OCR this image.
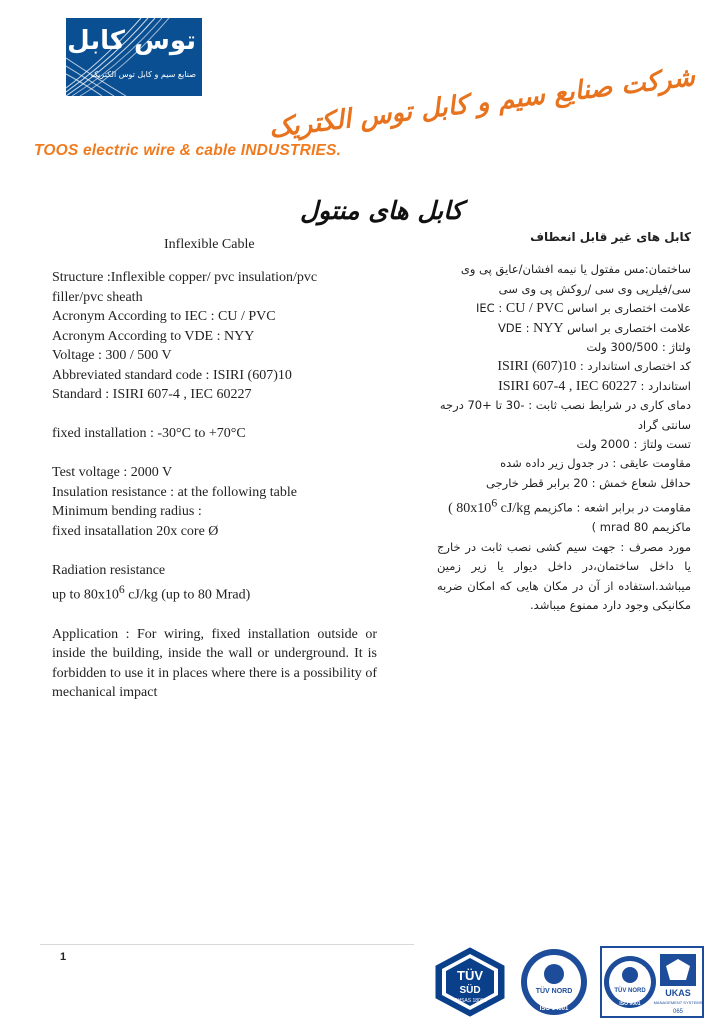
توس کابل
صنایع سیم و کابل توس الکتریک	شرکت صنایع سیم و کابل توس الکتریک
TOOS electric wire & cable INDUSTRIES.
کابل های منتول
Inflexible Cable

Structure :Inflexible copper/ pvc insulation/pvc

filler/pvc sheath

Acronym According to IEC : CU / PVC

Acronym According to VDE : NYY

Voltage : 300 / 500 V

Abbreviated standard code : ISIRI (607)10

Standard : ISIRI 607-4 , IEC 60227

fixed installation : -30°C to +70°C

Test voltage : 2000 V

Insulation resistance : at the following table

Minimum bending radius :

fixed insatallation 20x core Ø

Radiation resistance

up to $80x10^6$ cJ/kg (up to 80 Mrad)

Application : For wiring, fixed installation outside or inside the building, inside the wall or underground. It is forbidden to use it in places where there is a possibility of mechanical impact

کابل های غیر قابل انعطاف

ساختمان:مس مفتول یا نیمه افشان/عایق پی وی سی/فیلرپی وی سی /روکش پی وی سی

علامت اختصاری بر اساس IEC : CU / PVC

علامت اختصاری بر اساس VDE : NYY

ولتاژ : 300/500 ولت

کد اختصاری استاندارد : ISIRI (607)10

استاندارد : ISIRI 607-4 , IEC 60227

دمای کاری در شرایط نصب ثابت : -30 تا +70 درجه سانتی گراد

تست ولتاژ : 2000 ولت

مقاومت عایقی : در جدول زیر داده شده

حداقل شعاع خمش : 20 برابر قطر خارجی

مقاومت در برابر اشعه : ماکزیمم ( $80x10^6$ cJ/kg

ماکزیمم 80 mrad )

مورد مصرف : جهت سیم کشی نصب ثابت در خارج یا داخل ساختمان،در داخل دیوار یا زیر زمین میباشد.استفاده از آن در مکان هایی که امکان ضربه مکانیکی وجود دارد ممنوع میباشد.

1
TÜV
SÜD
OHSAS 18001
TÜV NORD
ISO 14001
TÜV NORD
ISO 9001
UKAS
MANAGEMENT SYSTEMS
065
